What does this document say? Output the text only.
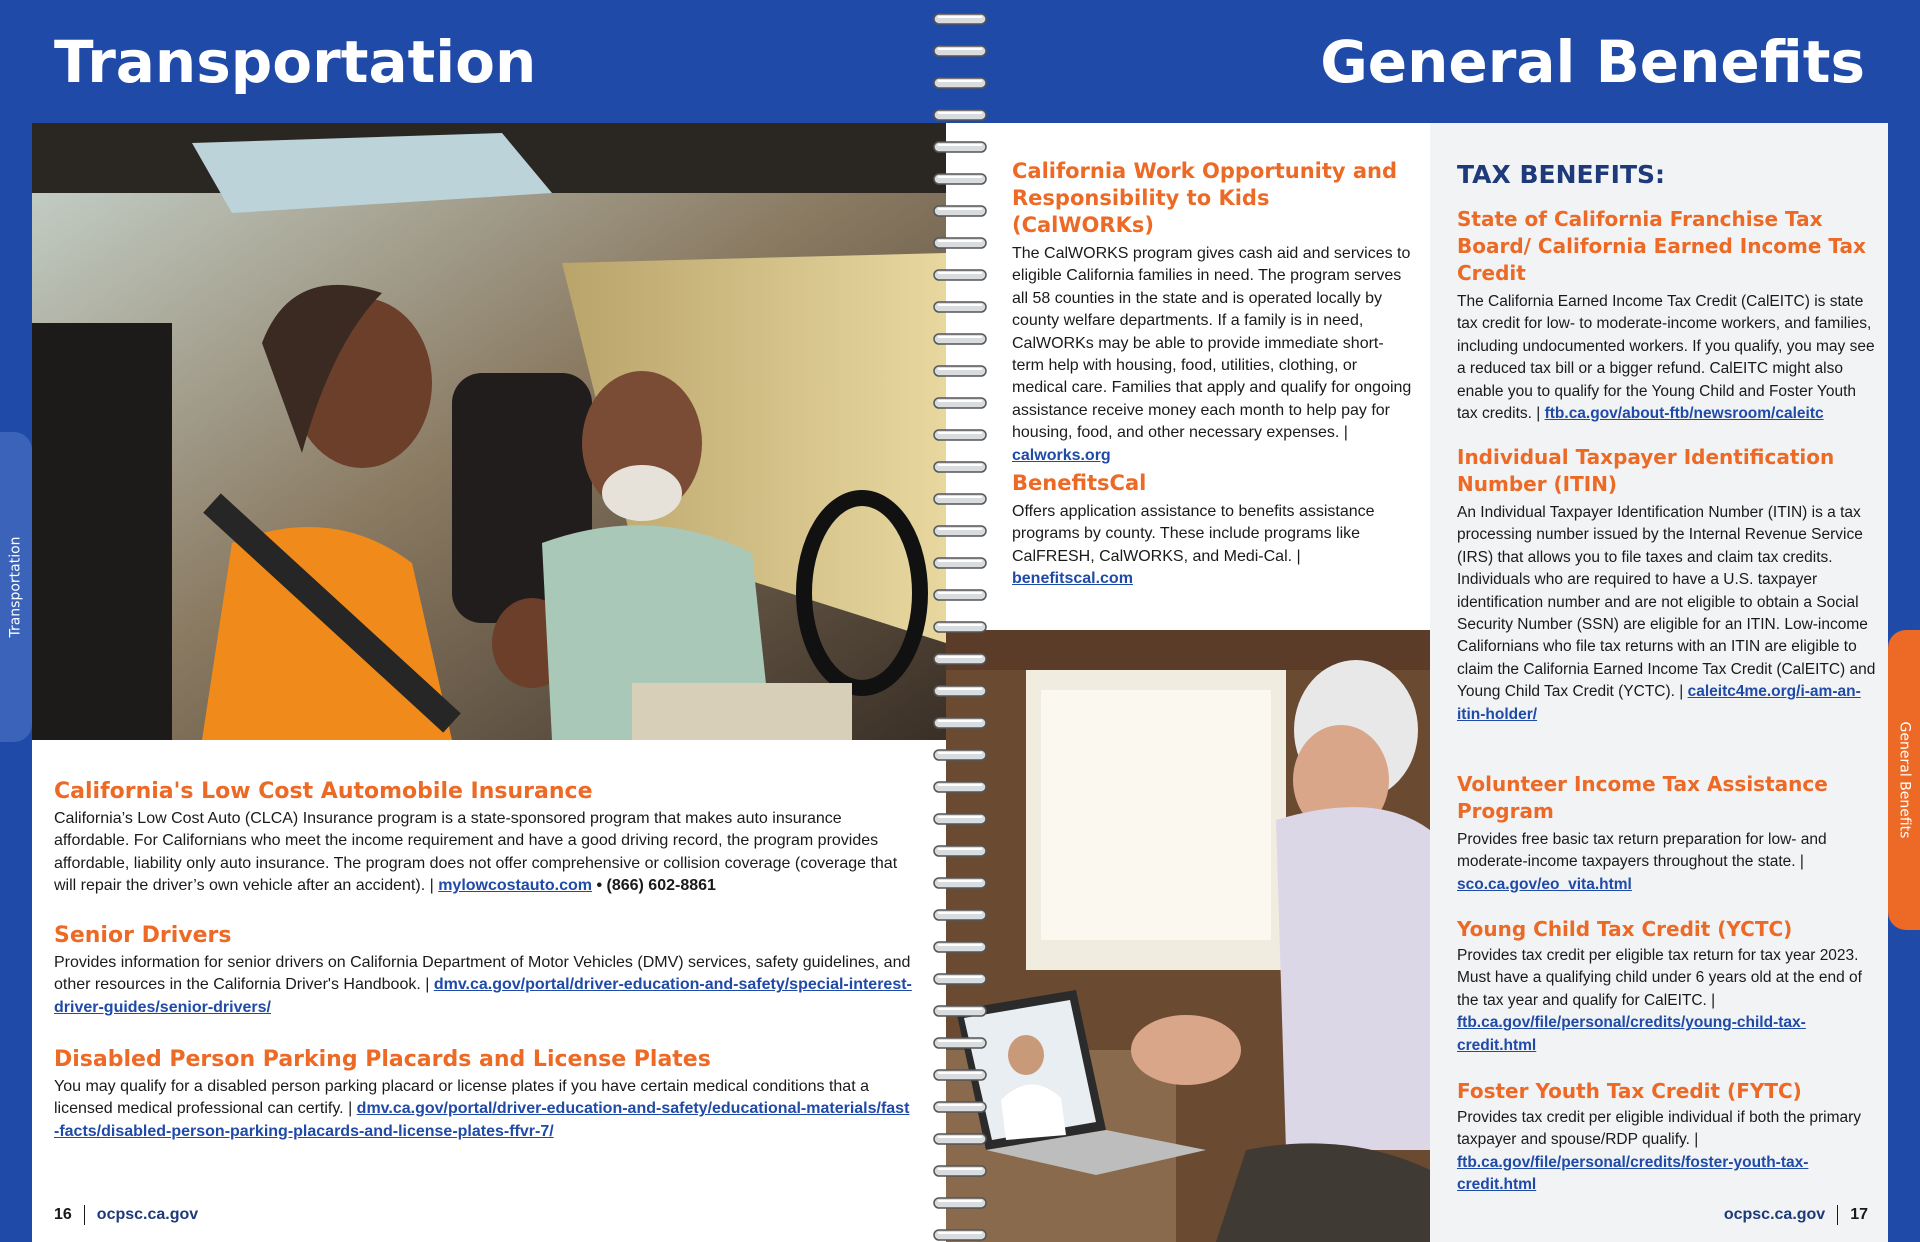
Transportation	General Benefits
Transportation
General Benefits
California's Low Cost Automobile Insurance
California’s Low Cost Auto (CLCA) Insurance program is a state-sponsored program that makes auto insurance affordable. For Californians who meet the income requirement and have a good driving record, the program provides affordable, liability only auto insurance. The program does not offer comprehensive or collision coverage (coverage that will repair the driver’s own vehicle after an accident). | mylowcostauto.com • (866) 602-8861
Senior Drivers
Provides information for senior drivers on California Department of Motor Vehicles (DMV) services, safety guidelines, and other resources in the California Driver's Handbook. | dmv.ca.gov/portal/driver-education-and-safety/special-interest-driver-guides/senior-drivers/
Disabled Person Parking Placards and License Plates
You may qualify for a disabled person parking placard or license plates if you have certain medical conditions that a licensed medical professional can certify. | dmv.ca.gov/portal/driver-education-and-safety/educational-materials/fast-facts/disabled-person-parking-placards-and-license-plates-ffvr-7/
16 ocpsc.ca.gov
California Work Opportunity and Responsibility to Kids (CalWORKs)
The CalWORKS program gives cash aid and services to eligible California families in need. The program serves all 58 counties in the state and is operated locally by county welfare departments. If a family is in need, CalWORKs may be able to provide immediate short-term help with housing, food, utilities, clothing, or medical care. Families that apply and qualify for ongoing assistance receive money each month to help pay for housing, food, and other necessary expenses. | calworks.org
BenefitsCal
Offers application assistance to benefits assistance programs by county. These include programs like CalFRESH, CalWORKS, and Medi-Cal. | benefitscal.com
TAX BENEFITS:
State of California Franchise Tax Board/ California Earned Income Tax Credit
The California Earned Income Tax Credit (CalEITC) is state tax credit for low- to moderate-income workers, and families, including undocumented workers. If you qualify, you may see a reduced tax bill or a bigger refund. CalEITC might also enable you to qualify for the Young Child and Foster Youth tax credits. | ftb.ca.gov/about-ftb/newsroom/caleitc
Individual Taxpayer Identification Number (ITIN)
An Individual Taxpayer Identification Number (ITIN) is a tax processing number issued by the Internal Revenue Service (IRS) that allows you to file taxes and claim tax credits. Individuals who are required to have a U.S. taxpayer identification number and are not eligible to obtain a Social Security Number (SSN) are eligible for an ITIN. Low-income Californians who file tax returns with an ITIN are eligible to claim the California Earned Income Tax Credit (CalEITC) and Young Child Tax Credit (YCTC). | caleitc4me.org/i-am-an-itin-holder/
Volunteer Income Tax Assistance Program
Provides free basic tax return preparation for low- and moderate-income taxpayers throughout the state. | sco.ca.gov/eo_vita.html
Young Child Tax Credit (YCTC)
Provides tax credit per eligible tax return for tax year 2023. Must have a qualifying child under 6 years old at the end of the tax year and qualify for CalEITC. | ftb.ca.gov/file/personal/credits/young-child-tax-credit.html
Foster Youth Tax Credit (FYTC)
Provides tax credit per eligible individual if both the primary taxpayer and spouse/RDP qualify. | ftb.ca.gov/file/personal/credits/foster-youth-tax-credit.html
ocpsc.ca.gov 17
